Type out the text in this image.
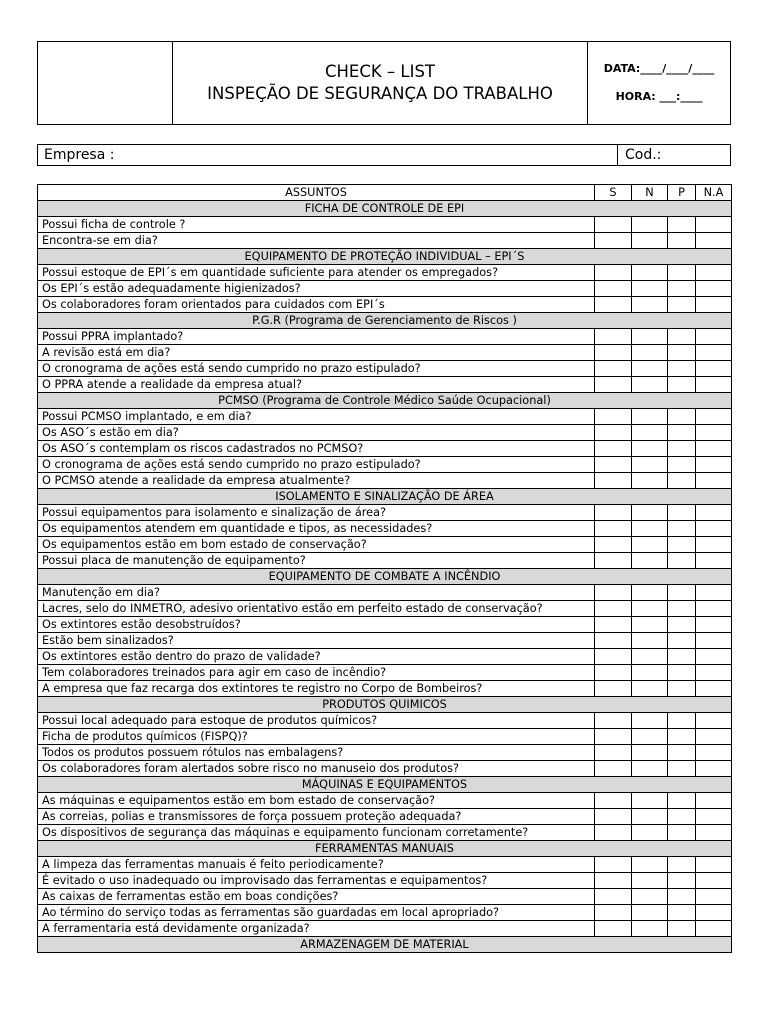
CHECK – LIST
INSPEÇÃO DE SEGURANÇA DO TRABALHO
DATA:____/____/____
HORA: ___:____
Empresa :	Cod.:
ASSUNTOS	S	N	P	N.A
FICHA DE CONTROLE DE EPI				
Possui ficha de controle ?				
Encontra-se em dia?				
EQUIPAMENTO DE PROTEÇÃO INDIVIDUAL – EPI´S				
Possui estoque de EPI´s em quantidade suficiente para atender os empregados?				
Os EPI´s estão adequadamente higienizados?				
Os colaboradores foram orientados para cuidados com EPI´s				
P.G.R (Programa de Gerenciamento de Riscos )				
Possui PPRA implantado?				
A revisão está em dia?				
O cronograma de ações está sendo cumprido no prazo estipulado?				
O PPRA atende a realidade da empresa atual?				
PCMSO (Programa de Controle Médico Saúde Ocupacional)				
Possui PCMSO implantado, e em dia?				
Os ASO´s estão em dia?				
Os ASO´s contemplam os riscos cadastrados no PCMSO?				
O cronograma de ações está sendo cumprido no prazo estipulado?				
O PCMSO atende a realidade da empresa atualmente?				
ISOLAMENTO E SINALIZAÇÃO DE ÁREA				
Possui equipamentos para isolamento e sinalização de área?				
Os equipamentos atendem em quantidade e tipos, as necessidades?				
Os equipamentos estão em bom estado de conservação?				
Possui placa de manutenção de equipamento?				
EQUIPAMENTO DE COMBATE A INCÊNDIO				
Manutenção em dia?				
Lacres, selo do INMETRO, adesivo orientativo estão em perfeito estado de conservação?				
Os extintores estão desobstruídos?				
Estão bem sinalizados?				
Os extintores estão dentro do prazo de validade?				
Tem colaboradores treinados para agir em caso de incêndio?				
A empresa que faz recarga dos extintores te registro no Corpo de Bombeiros?				
PRODUTOS QUIMICOS				
Possui local adequado para estoque de produtos químicos?				
Ficha de produtos químicos (FISPQ)?				
Todos os produtos possuem rótulos nas embalagens?				
Os colaboradores foram alertados sobre risco no manuseio dos produtos?				
MÁQUINAS E EQUIPAMENTOS				
As máquinas e equipamentos estão em bom estado de conservação?				
As correias, polias e transmissores de força possuem proteção adequada?				
Os dispositivos de segurança das máquinas e equipamento funcionam corretamente?				
FERRAMENTAS MANUAIS				
A limpeza das ferramentas manuais é feito periodicamente?				
É evitado o uso inadequado ou improvisado das ferramentas e equipamentos?				
As caixas de ferramentas estão em boas condições?				
Ao término do serviço todas as ferramentas são guardadas em local apropriado?				
A ferramentaria está devidamente organizada?				
ARMAZENAGEM DE MATERIAL				
